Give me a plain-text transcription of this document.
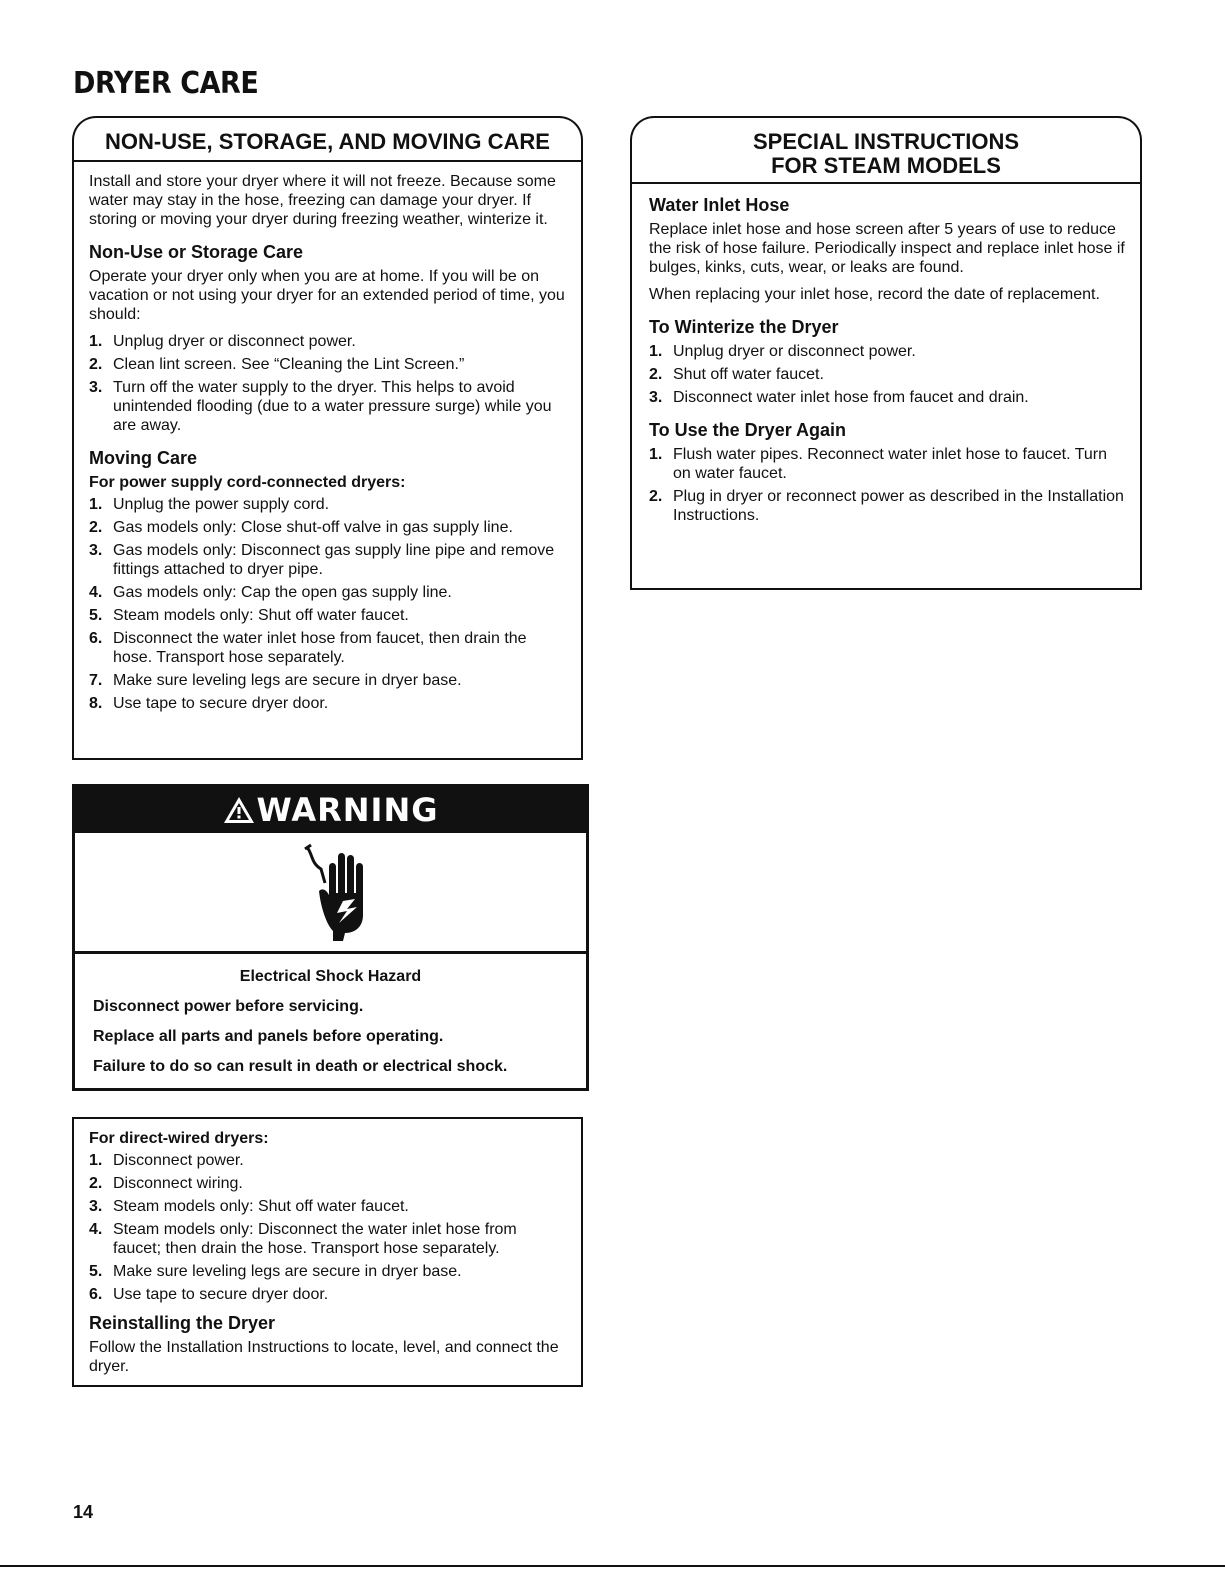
DRYER CARE
NON-USE, STORAGE, AND MOVING CARE

Install and store your dryer where it will not freeze. Because some water may stay in the hose, freezing can damage your dryer. If storing or moving your dryer during freezing weather, winterize it.

Non-Use or Storage Care

Operate your dryer only when you are at home. If you will be on vacation or not using your dryer for an extended period of time, you should:

1. Unplug dryer or disconnect power.
2. Clean lint screen. See “Cleaning the Lint Screen.”
3. Turn off the water supply to the dryer. This helps to avoid unintended flooding (due to a water pressure surge) while you are away.
Moving Care
For power supply cord-connected dryers:
1. Unplug the power supply cord.
2. Gas models only: Close shut-off valve in gas supply line.
3. Gas models only: Disconnect gas supply line pipe and remove fittings attached to dryer pipe.
4. Gas models only: Cap the open gas supply line.
5. Steam models only: Shut off water faucet.
6. Disconnect the water inlet hose from faucet, then drain the hose. Transport hose separately.
7. Make sure leveling legs are secure in dryer base.
8. Use tape to secure dryer door.
WARNING

Electrical Shock Hazard

Disconnect power before servicing.

Replace all parts and panels before operating.

Failure to do so can result in death or electrical shock.

For direct-wired dryers:
1. Disconnect power.
2. Disconnect wiring.
3. Steam models only: Shut off water faucet.
4. Steam models only: Disconnect the water inlet hose from faucet; then drain the hose. Transport hose separately.
5. Make sure leveling legs are secure in dryer base.
6. Use tape to secure dryer door.
Reinstalling the Dryer

Follow the Installation Instructions to locate, level, and connect the dryer.

SPECIAL INSTRUCTIONS
FOR STEAM MODELS
Water Inlet Hose

Replace inlet hose and hose screen after 5 years of use to reduce the risk of hose failure. Periodically inspect and replace inlet hose if bulges, kinks, cuts, wear, or leaks are found.

When replacing your inlet hose, record the date of replacement.

To Winterize the Dryer
1. Unplug dryer or disconnect power.
2. Shut off water faucet.
3. Disconnect water inlet hose from faucet and drain.
To Use the Dryer Again
1. Flush water pipes. Reconnect water inlet hose to faucet. Turn on water faucet.
2. Plug in dryer or reconnect power as described in the Installation Instructions.
14
